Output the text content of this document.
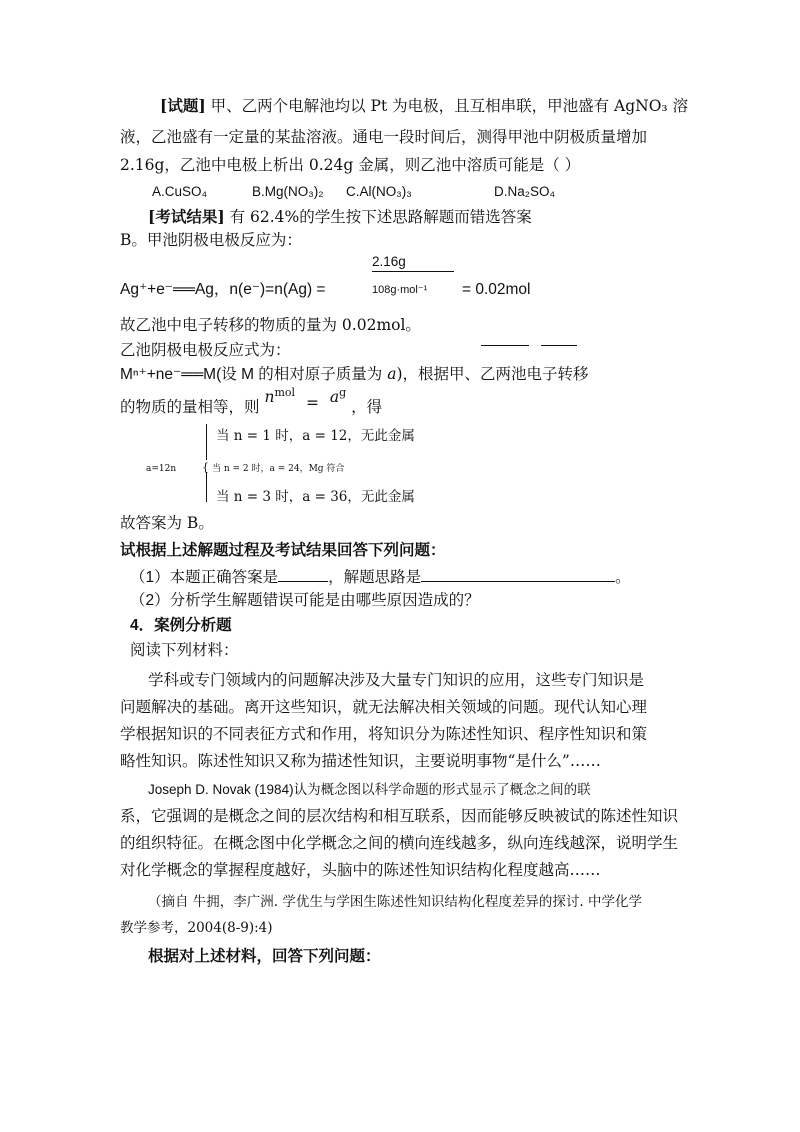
[试题] 甲、乙两个电解池均以 Pt 为电极，且互相串联，甲池盛有 AgNO₃ 溶
液，乙池盛有一定量的某盐溶液。通电一段时间后，测得甲池中阴极质量增加
2.16g，乙池中电极上析出 0.24g 金属，则乙池中溶质可能是（ ）
A.CuSO₄	B.Mg(NO₃)₂ C.Al(NO₃)₃	D.Na₂SO₄
[考试结果] 有 62.4%的学生按下述思路解题而错选答案
B。甲池阴极电极反应为：
2.16g
Ag⁺+e⁻══Ag，n(e⁻)=n(Ag) =	108g·mol⁻¹ = 0.02mol
故乙池中电子转移的物质的量为 0.02mol。
乙池阴极电极反应式为：
Mⁿ⁺+ne⁻══M(设 M 的相对原子质量为 a)，根据甲、乙两池电子转移
的物质的量相等，则 $n^{mol} = a^g$ ，得
{
当 n = 1 时，a = 12，无此金属
a=12n	当 n = 2 时，a = 24，Mg 符合
当 n = 3 时，a = 36，无此金属
故答案为 B。
试根据上述解题过程及考试结果回答下列问题：
（1）本题正确答案是	，解题思路是	。
（2）分析学生解题错误可能是由哪些原因造成的？
4．案例分析题
阅读下列材料：
学科或专门领域内的问题解决涉及大量专门知识的应用，这些专门知识是
问题解决的基础。离开这些知识，就无法解决相关领域的问题。现代认知心理
学根据知识的不同表征方式和作用，将知识分为陈述性知识、程序性知识和策
略性知识。陈述性知识又称为描述性知识，主要说明事物“是什么”……
Joseph D. Novak (1984)认为概念图以科学命题的形式显示了概念之间的联
系，它强调的是概念之间的层次结构和相互联系，因而能够反映被试的陈述性知识
的组织特征。在概念图中化学概念之间的横向连线越多，纵向连线越深，说明学生
对化学概念的掌握程度越好，头脑中的陈述性知识结构化程度越高……
（摘自 牛拥，李广洲. 学优生与学困生陈述性知识结构化程度差异的探讨. 中学化学
教学参考，2004(8-9):4)
根据对上述材料，回答下列问题：
